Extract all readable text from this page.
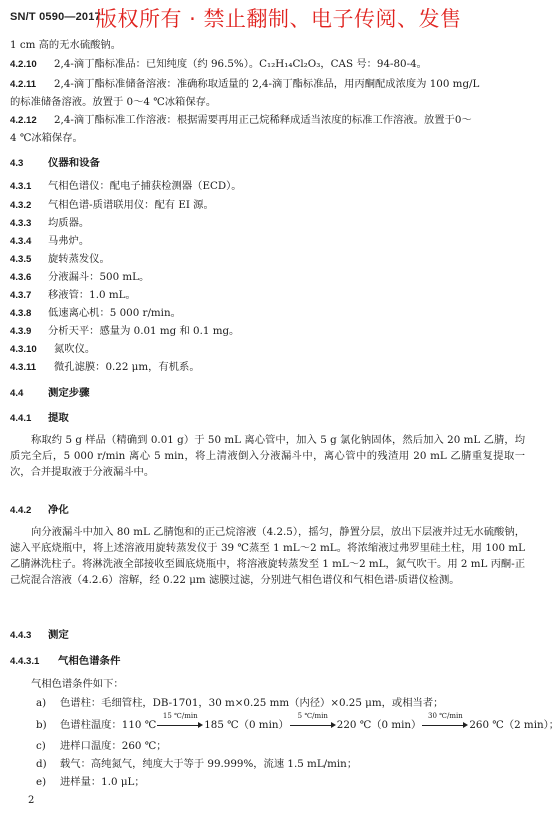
SN/T 0590—2017
版权所有 · 禁止翻制、电子传阅、发售
1 cm 高的无水硫酸钠。
4.2.10 2,4-滴丁酯标准品：已知纯度（约 96.5%）。C₁₂H₁₄Cl₂O₃，CAS 号：94-80-4。
4.2.11 2,4-滴丁酯标准储备溶液：准确称取适量的 2,4-滴丁酯标准品，用丙酮配成浓度为 100 mg/L
的标准储备溶液。放置于 0～4 ℃冰箱保存。
4.2.12 2,4-滴丁酯标准工作溶液：根据需要再用正己烷稀释成适当浓度的标准工作溶液。放置于0～
4 ℃冰箱保存。
4.3 仪器和设备
4.3.1 气相色谱仪：配电子捕获检测器（ECD）。
4.3.2 气相色谱-质谱联用仪：配有 EI 源。
4.3.3 均质器。
4.3.4 马弗炉。
4.3.5 旋转蒸发仪。
4.3.6 分液漏斗：500 mL。
4.3.7 移液管：1.0 mL。
4.3.8 低速离心机：5 000 r/min。
4.3.9 分析天平：感量为 0.01 mg 和 0.1 mg。
4.3.10 氮吹仪。
4.3.11 微孔滤膜：0.22 μm，有机系。
4.4 测定步骤
4.4.1 提取
称取约 5 g 样品（精确到 0.01 g）于 50 mL 离心管中，加入 5 g 氯化钠固体，然后加入 20 mL 乙腈，均质完全后，5 000 r/min 离心 5 min，将上清液倒入分液漏斗中，离心管中的残渣用 20 mL 乙腈重复提取一次，合并提取液于分液漏斗中。
4.4.2 净化
向分液漏斗中加入 80 mL 乙腈饱和的正己烷溶液（4.2.5），摇匀，静置分层，放出下层液并过无水硫酸钠，滤入平底烧瓶中，将上述溶液用旋转蒸发仪于 39 ℃蒸至 1 mL～2 mL。将浓缩液过弗罗里硅土柱，用 100 mL 乙腈淋洗柱子。将淋洗液全部接收至圆底烧瓶中，将溶液旋转蒸发至 1 mL～2 mL，氮气吹干。用 2 mL 丙酮-正己烷混合溶液（4.2.6）溶解，经 0.22 μm 滤膜过滤，分别进气相色谱仪和气相色谱-质谱仪检测。
4.4.3 测定
4.4.3.1 气相色谱条件
气相色谱条件如下：
a) 色谱柱：毛细管柱，DB-1701，30 m×0.25 mm（内径）×0.25 μm，或相当者；
b) 色谱柱温度：110 ℃
15 ℃/min
185 ℃（0 min）
5 ℃/min
220 ℃（0 min）
30 ℃/min
260 ℃（2 min）；
c) 进样口温度：260 ℃；
d) 载气：高纯氮气，纯度大于等于 99.999%，流速 1.5 mL/min；
e) 进样量：1.0 μL；
2
